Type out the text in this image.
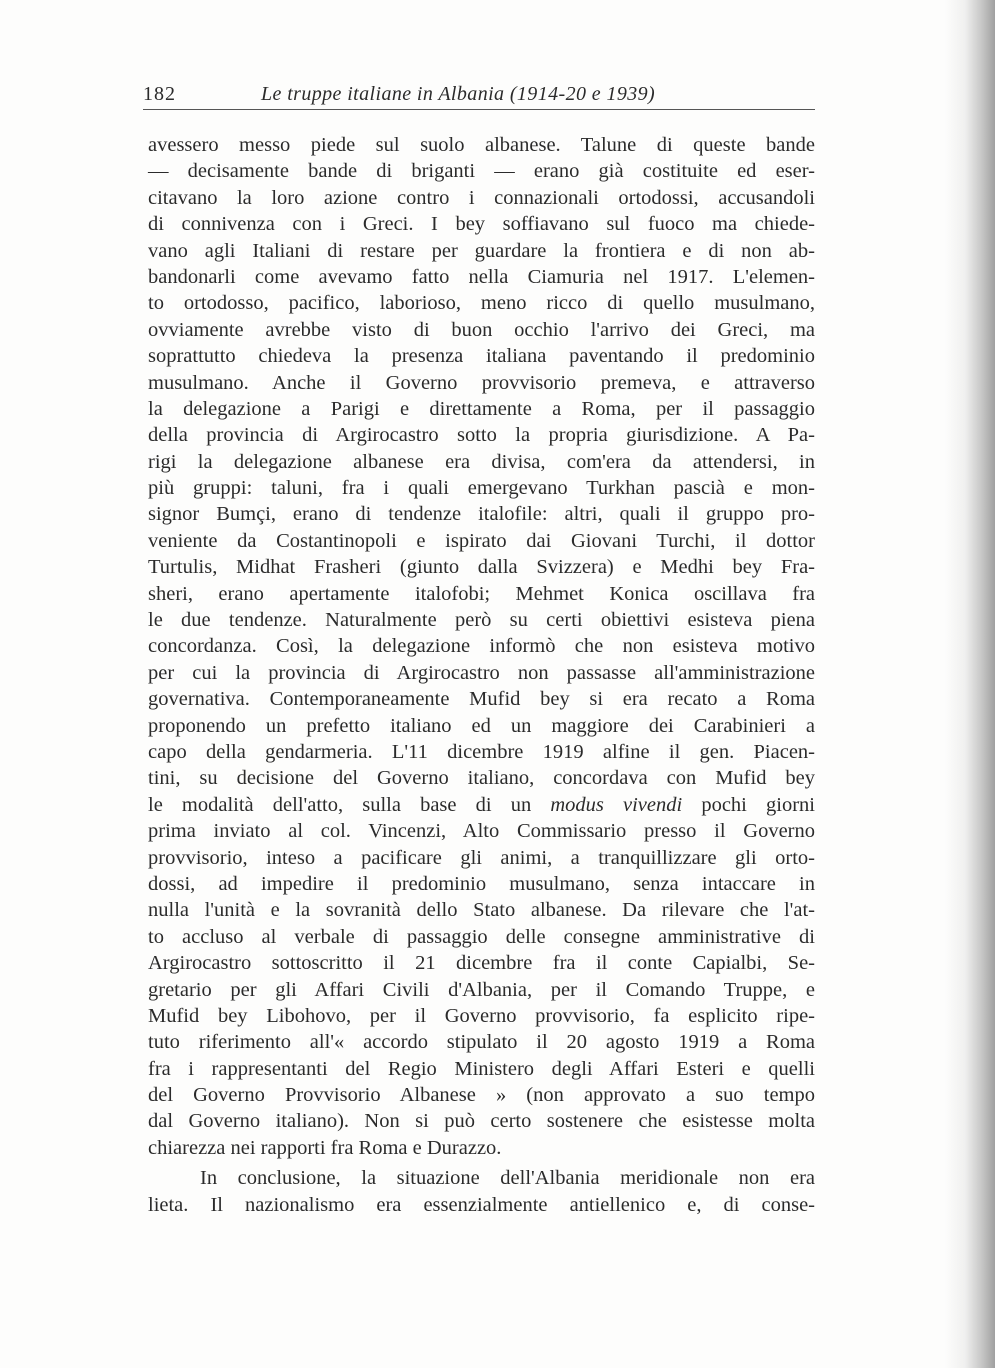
182	Le truppe italiane in Albania (1914-20 e 1939)
avessero messo piede sul suolo albanese. Talune di queste bande
— decisamente bande di briganti — erano già costituite ed eser-
citavano la loro azione contro i connazionali ortodossi, accusandoli
di connivenza con i Greci. I bey soffiavano sul fuoco ma chiede-
vano agli Italiani di restare per guardare la frontiera e di non ab-
bandonarli come avevamo fatto nella Ciamuria nel 1917. L'elemen-
to ortodosso, pacifico, laborioso, meno ricco di quello musulmano,
ovviamente avrebbe visto di buon occhio l'arrivo dei Greci, ma
soprattutto chiedeva la presenza italiana paventando il predominio
musulmano. Anche il Governo provvisorio premeva, e attraverso
la delegazione a Parigi e direttamente a Roma, per il passaggio
della provincia di Argirocastro sotto la propria giurisdizione. A Pa-
rigi la delegazione albanese era divisa, com'era da attendersi, in
più gruppi: taluni, fra i quali emergevano Turkhan pascià e mon-
signor Bumçi, erano di tendenze italofile: altri, quali il gruppo pro-
veniente da Costantinopoli e ispirato dai Giovani Turchi, il dottor
Turtulis, Midhat Frasheri (giunto dalla Svizzera) e Medhi bey Fra-
sheri, erano apertamente italofobi; Mehmet Konica oscillava fra
le due tendenze. Naturalmente però su certi obiettivi esisteva piena
concordanza. Così, la delegazione informò che non esisteva motivo
per cui la provincia di Argirocastro non passasse all'amministrazione
governativa. Contemporaneamente Mufid bey si era recato a Roma
proponendo un prefetto italiano ed un maggiore dei Carabinieri a
capo della gendarmeria. L'11 dicembre 1919 alfine il gen. Piacen-
tini, su decisione del Governo italiano, concordava con Mufid bey
le modalità dell'atto, sulla base di un modus vivendi pochi giorni
prima inviato al col. Vincenzi, Alto Commissario presso il Governo
provvisorio, inteso a pacificare gli animi, a tranquillizzare gli orto-
dossi, ad impedire il predominio musulmano, senza intaccare in
nulla l'unità e la sovranità dello Stato albanese. Da rilevare che l'at-
to accluso al verbale di passaggio delle consegne amministrative di
Argirocastro sottoscritto il 21 dicembre fra il conte Capialbi, Se-
gretario per gli Affari Civili d'Albania, per il Comando Truppe, e
Mufid bey Libohovo, per il Governo provvisorio, fa esplicito ripe-
tuto riferimento all'« accordo stipulato il 20 agosto 1919 a Roma
fra i rappresentanti del Regio Ministero degli Affari Esteri e quelli
del Governo Provvisorio Albanese » (non approvato a suo tempo
dal Governo italiano). Non si può certo sostenere che esistesse molta
chiarezza nei rapporti fra Roma e Durazzo.
In conclusione, la situazione dell'Albania meridionale non era
lieta. Il nazionalismo era essenzialmente antiellenico e, di conse-
